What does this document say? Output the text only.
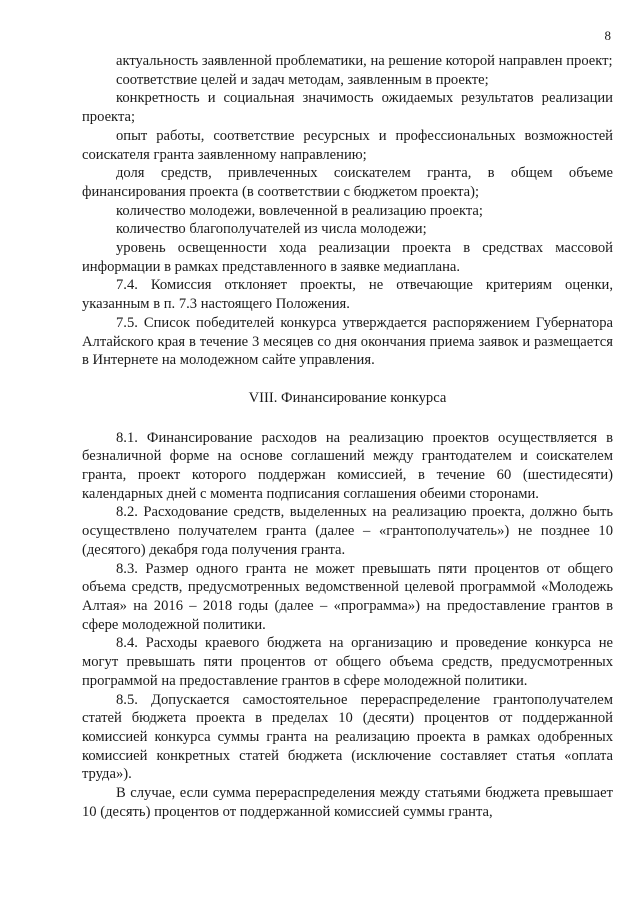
8

актуальность заявленной проблематики, на решение которой направлен проект;

соответствие целей и задач методам, заявленным в проекте;

конкретность и социальная значимость ожидаемых результатов реализации проекта;

опыт работы, соответствие ресурсных и профессиональных возможностей соискателя гранта заявленному направлению;

доля средств, привлеченных соискателем гранта, в общем объеме финансирования проекта (в соответствии с бюджетом проекта);

количество молодежи, вовлеченной в реализацию проекта;

количество благополучателей из числа молодежи;

уровень освещенности хода реализации проекта в средствах массовой информации в рамках представленного в заявке медиаплана.

7.4. Комиссия отклоняет проекты, не отвечающие критериям оценки, указанным в п. 7.3 настоящего Положения.

7.5. Список победителей конкурса утверждается распоряжением Губернатора Алтайского края в течение 3 месяцев со дня окончания приема заявок и размещается в Интернете на молодежном сайте управления.

VIII. Финансирование конкурса

8.1. Финансирование расходов на реализацию проектов осуществляется в безналичной форме на основе соглашений между грантодателем и соискателем гранта, проект которого поддержан комиссией, в течение 60 (шестидесяти) календарных дней с момента подписания соглашения обеими сторонами.

8.2. Расходование средств, выделенных на реализацию проекта, должно быть осуществлено получателем гранта (далее – «грантополучатель») не позднее 10 (десятого) декабря года получения гранта.

8.3. Размер одного гранта не может превышать пяти процентов от общего объема средств, предусмотренных ведомственной целевой программой «Молодежь Алтая» на 2016 – 2018 годы (далее – «программа») на предоставление грантов в сфере молодежной политики.

8.4. Расходы краевого бюджета на организацию и проведение конкурса не могут превышать пяти процентов от общего объема средств, предусмотренных программой на предоставление грантов в сфере молодежной политики.

8.5. Допускается самостоятельное перераспределение грантополучателем статей бюджета проекта в пределах 10 (десяти) процентов от поддержанной комиссией конкурса суммы гранта на реализацию проекта в рамках одобренных комиссией конкретных статей бюджета (исключение составляет статья «оплата труда»).

В случае, если сумма перераспределения между статьями бюджета превышает 10 (десять) процентов от поддержанной комиссией суммы гранта,
